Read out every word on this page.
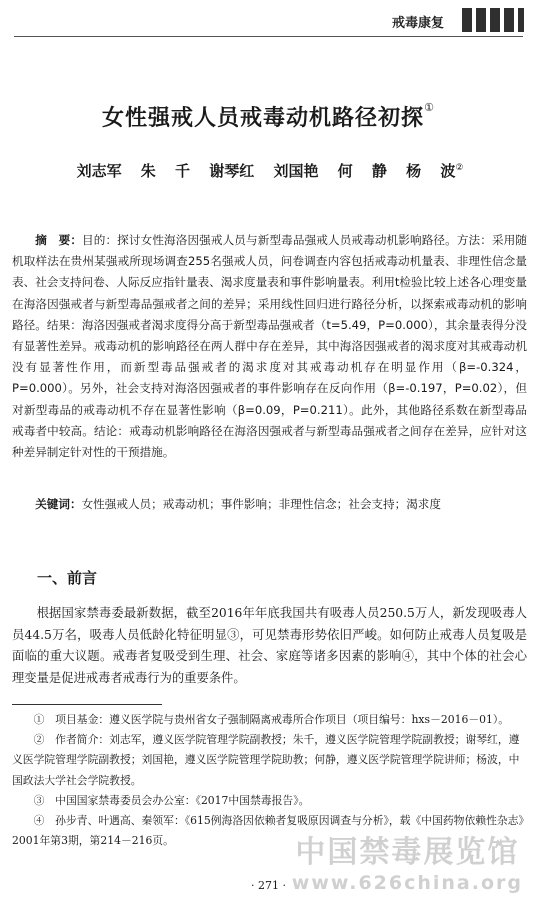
戒毒康复
女性强戒人员戒毒动机路径初探①
刘志军 朱 千 谢琴红 刘国艳 何 静 杨 波②

摘　要：目的：探讨女性海洛因强戒人员与新型毒品强戒人员戒毒动机影响路径。方法：采用随机取样法在贵州某强戒所现场调查255名强戒人员，问卷调查内容包括戒毒动机量表、非理性信念量表、社会支持问卷、人际反应指针量表、渴求度量表和事件影响量表。利用t检验比较上述各心理变量在海洛因强戒者与新型毒品强戒者之间的差异；采用线性回归进行路径分析，以探索戒毒动机的影响路径。结果：海洛因强戒者渴求度得分高于新型毒品强戒者（t=5.49，P=0.000），其余量表得分没有显著性差异。戒毒动机的影响路径在两人群中存在差异，其中海洛因强戒者的渴求度对其戒毒动机没有显著性作用，而新型毒品强戒者的渴求度对其戒毒动机存在明显作用（β=-0.324，P=0.000）。另外，社会支持对海洛因强戒者的事件影响存在反向作用（β=-0.197，P=0.02），但对新型毒品的戒毒动机不存在显著性影响（β=0.09，P=0.211）。此外，其他路径系数在新型毒品戒毒者中较高。结论：戒毒动机影响路径在海洛因强戒者与新型毒品强戒者之间存在差异，应针对这种差异制定针对性的干预措施。

关键词：女性强戒人员；戒毒动机；事件影响；非理性信念；社会支持；渴求度
一、前言
根据国家禁毒委最新数据，截至2016年年底我国共有吸毒人员250.5万人，新发现吸毒人员44.5万名，吸毒人员低龄化特征明显③，可见禁毒形势依旧严峻。如何防止戒毒人员复吸是面临的重大议题。戒毒者复吸受到生理、社会、家庭等诸多因素的影响④，其中个体的社会心理变量是促进戒毒者戒毒行为的重要条件。

①　项目基金：遵义医学院与贵州省女子强制隔离戒毒所合作项目（项目编号：hxs－2016－01）。

②　作者简介：刘志军，遵义医学院管理学院副教授；朱千，遵义医学院管理学院副教授；谢琴红，遵义医学院管理学院副教授；刘国艳，遵义医学院管理学院助教；何静，遵义医学院管理学院讲师；杨波，中国政法大学社会学院教授。

③　中国国家禁毒委员会办公室：《2017中国禁毒报告》。

④　孙步青、叶遇高、秦领军：《615例海洛因依赖者复吸原因调查与分析》，载《中国药物依赖性杂志》2001年第3期，第214－216页。	中国禁毒展览馆
www.626china.org
· 271 ·
